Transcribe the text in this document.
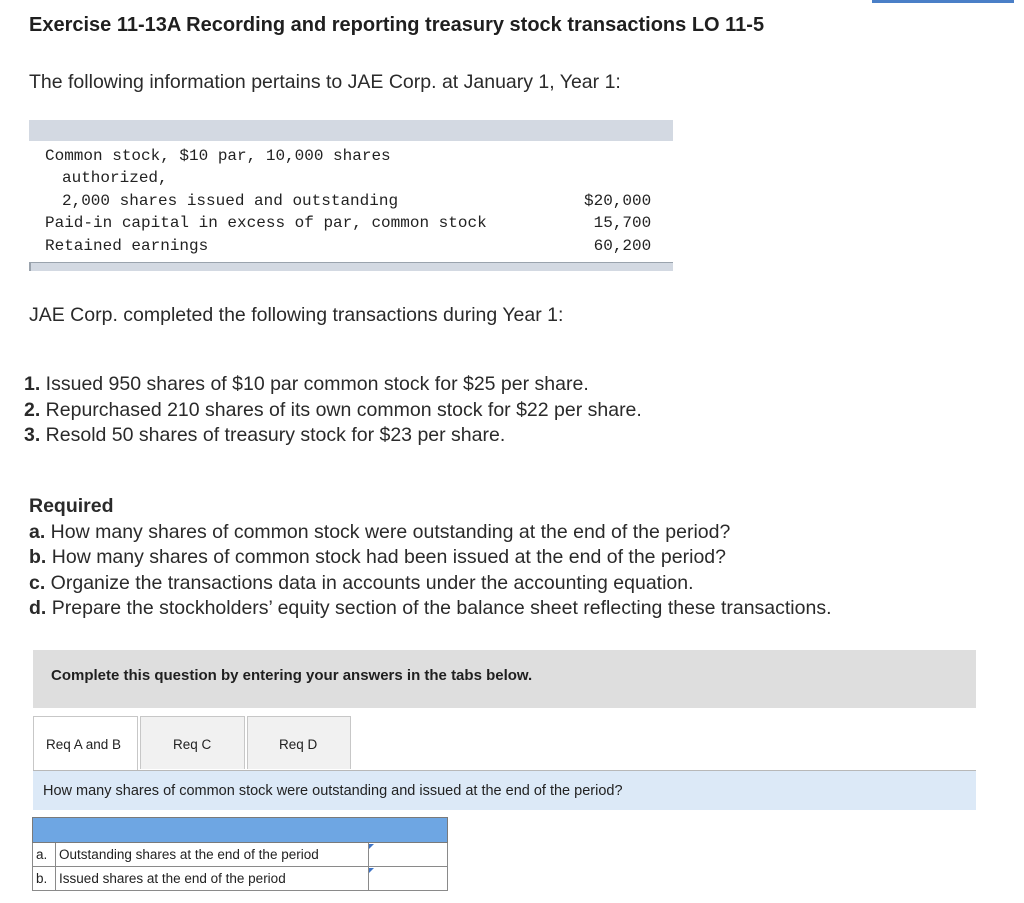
Exercise 11-13A Recording and reporting treasury stock transactions LO 11-5

The following information pertains to JAE Corp. at January 1, Year 1:

Common stock, $10 par, 10,000 shares	
authorized,	
2,000 shares issued and outstanding	$20,000
Paid-in capital in excess of par, common stock	15,700
Retained earnings	60,200

JAE Corp. completed the following transactions during Year 1:

1. Issued 950 shares of $10 par common stock for $25 per share.
2. Repurchased 210 shares of its own common stock for $22 per share.
3. Resold 50 shares of treasury stock for $23 per share.
Required
a. How many shares of common stock were outstanding at the end of the period?
b. How many shares of common stock had been issued at the end of the period?
c. Organize the transactions data in accounts under the accounting equation.
d. Prepare the stockholders’ equity section of the balance sheet reflecting these transactions.
Complete this question by entering your answers in the tabs below.
Req A and B	Req C	Req D
How many shares of common stock were outstanding and issued at the end of the period?

a.	Outstanding shares at the end of the period	

b.	Issued shares at the end of the period	
